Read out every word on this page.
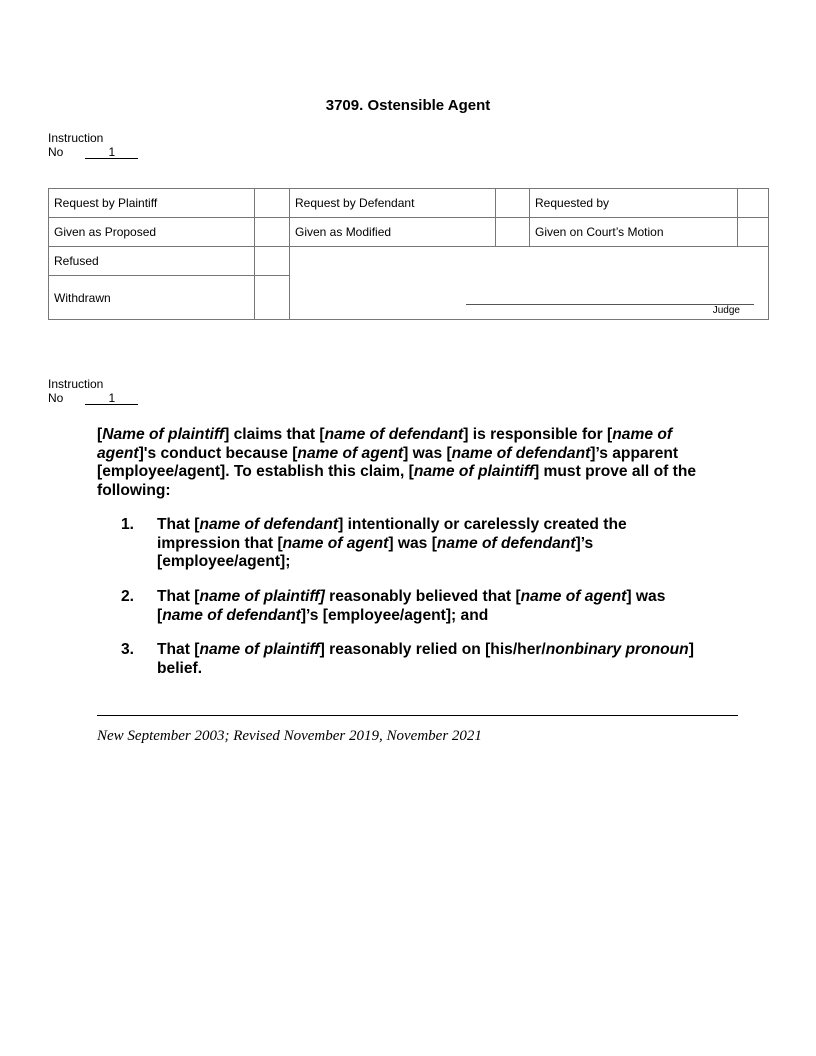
3709. Ostensible Agent
Instruction
No	1
Request by Plaintiff		Request by Defendant		Requested by	
Given as Proposed		Given as Modified		Given on Court’s Motion	
Refused					
Withdrawn					
Judge
Instruction
No	1
[Name of plaintiff] claims that [name of defendant] is responsible for [name of
agent]'s conduct because [name of agent] was [name of defendant]’s apparent
[employee/agent]. To establish this claim, [name of plaintiff] must prove all of the
following:
1. That [name of defendant] intentionally or carelessly created the
impression that [name of agent] was [name of defendant]’s
[employee/agent];
2. That [name of plaintiff] reasonably believed that [name of agent] was
[name of defendant]’s [employee/agent]; and
3. That [name of plaintiff] reasonably relied on [his/her/nonbinary pronoun]
belief.
New September 2003; Revised November 2019, November 2021
